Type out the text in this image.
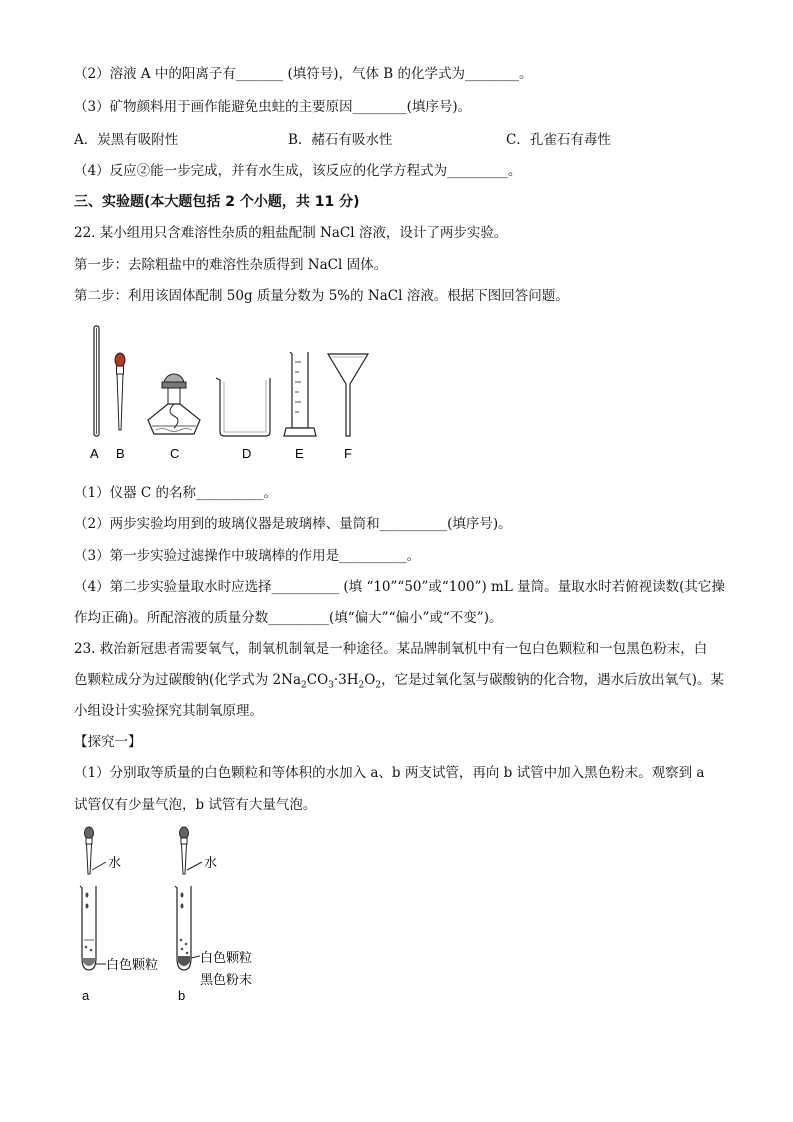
（2）溶液 A 中的阳离子有_______ (填符号)，气体 B 的化学式为________。
（3）矿物颜料用于画作能避免虫蛀的主要原因________(填序号)。
A．炭黑有吸附性	B．赭石有吸水性	C．孔雀石有毒性
（4）反应②能一步完成，并有水生成，该反应的化学方程式为_________。
三、实验题(本大题包括 2 个小题，共 11 分)
22. 某小组用只含难溶性杂质的粗盐配制 NaCl 溶液，设计了两步实验。
第一步：去除粗盐中的难溶性杂质得到 NaCl 固体。
第二步：利用该固体配制 50g 质量分数为 5%的 NaCl 溶液。根据下图回答问题。
A B	C	D	E	F
（1）仪器 C 的名称__________。
（2）两步实验均用到的玻璃仪器是玻璃棒、量筒和__________(填序号)。
（3）第一步实验过滤操作中玻璃棒的作用是__________。
（4）第二步实验量取水时应选择__________ (填 “10”“50”或“100”) mL 量筒。量取水时若俯视读数(其它操
作均正确)。所配溶液的质量分数_________(填“偏大”“偏小”或“不变”)。
23. 救治新冠患者需要氧气，制氧机制氧是一种途径。某品牌制氧机中有一包白色颗粒和一包黑色粉末，白
色颗粒成分为过碳酸钠(化学式为 $2Na_2CO_3\cdot 3H_2O_2$，它是过氧化氢与碳酸钠的化合物，遇水后放出氧气)。某
小组设计实验探究其制氧原理。
【探究一】
（1）分别取等质量的白色颗粒和等体积的水加入 a、b 两支试管，再向 b 试管中加入黑色粉末。观察到 a
试管仅有少量气泡，b 试管有大量气泡。
水
白色颗粒
a
水
白色颗粒
黑色粉末
b
